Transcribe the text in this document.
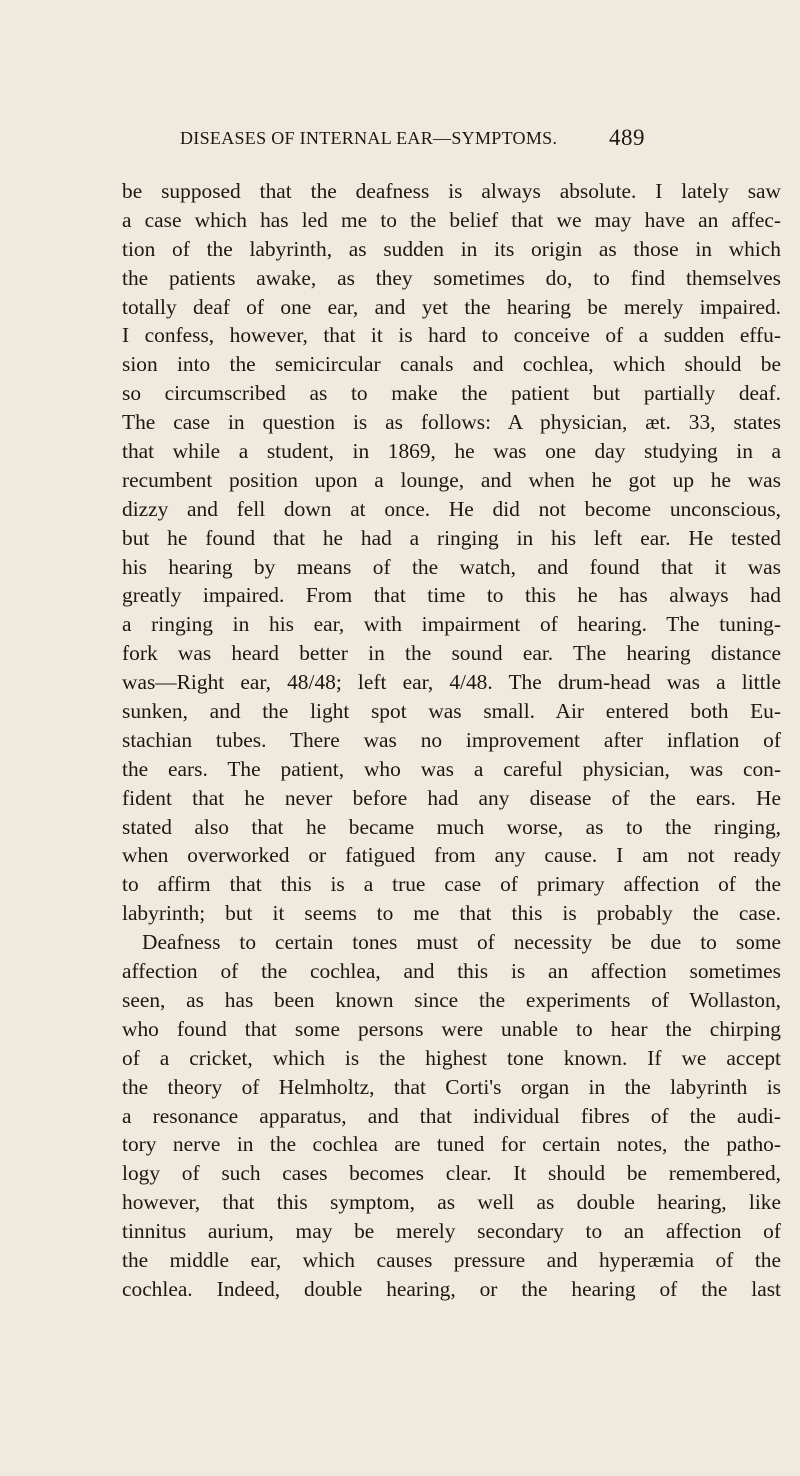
DISEASES OF INTERNAL EAR—SYMPTOMS. 489
be supposed that the deafness is always absolute. I lately saw
a case which has led me to the belief that we may have an affec-
tion of the labyrinth, as sudden in its origin as those in which
the patients awake, as they sometimes do, to find themselves
totally deaf of one ear, and yet the hearing be merely impaired.
I confess, however, that it is hard to conceive of a sudden effu-
sion into the semicircular canals and cochlea, which should be
so circumscribed as to make the patient but partially deaf.
The case in question is as follows: A physician, æt. 33, states
that while a student, in 1869, he was one day studying in a
recumbent position upon a lounge, and when he got up he was
dizzy and fell down at once. He did not become unconscious,
but he found that he had a ringing in his left ear. He tested
his hearing by means of the watch, and found that it was
greatly impaired. From that time to this he has always had
a ringing in his ear, with impairment of hearing. The tuning-
fork was heard better in the sound ear. The hearing distance
was—Right ear, 48/48; left ear, 4/48. The drum-head was a little
sunken, and the light spot was small. Air entered both Eu-
stachian tubes. There was no improvement after inflation of
the ears. The patient, who was a careful physician, was con-
fident that he never before had any disease of the ears. He
stated also that he became much worse, as to the ringing,
when overworked or fatigued from any cause. I am not ready
to affirm that this is a true case of primary affection of the
labyrinth; but it seems to me that this is probably the case.
Deafness to certain tones must of necessity be due to some
affection of the cochlea, and this is an affection sometimes
seen, as has been known since the experiments of Wollaston,
who found that some persons were unable to hear the chirping
of a cricket, which is the highest tone known. If we accept
the theory of Helmholtz, that Corti's organ in the labyrinth is
a resonance apparatus, and that individual fibres of the audi-
tory nerve in the cochlea are tuned for certain notes, the patho-
logy of such cases becomes clear. It should be remembered,
however, that this symptom, as well as double hearing, like
tinnitus aurium, may be merely secondary to an affection of
the middle ear, which causes pressure and hyperæmia of the
cochlea. Indeed, double hearing, or the hearing of the last
